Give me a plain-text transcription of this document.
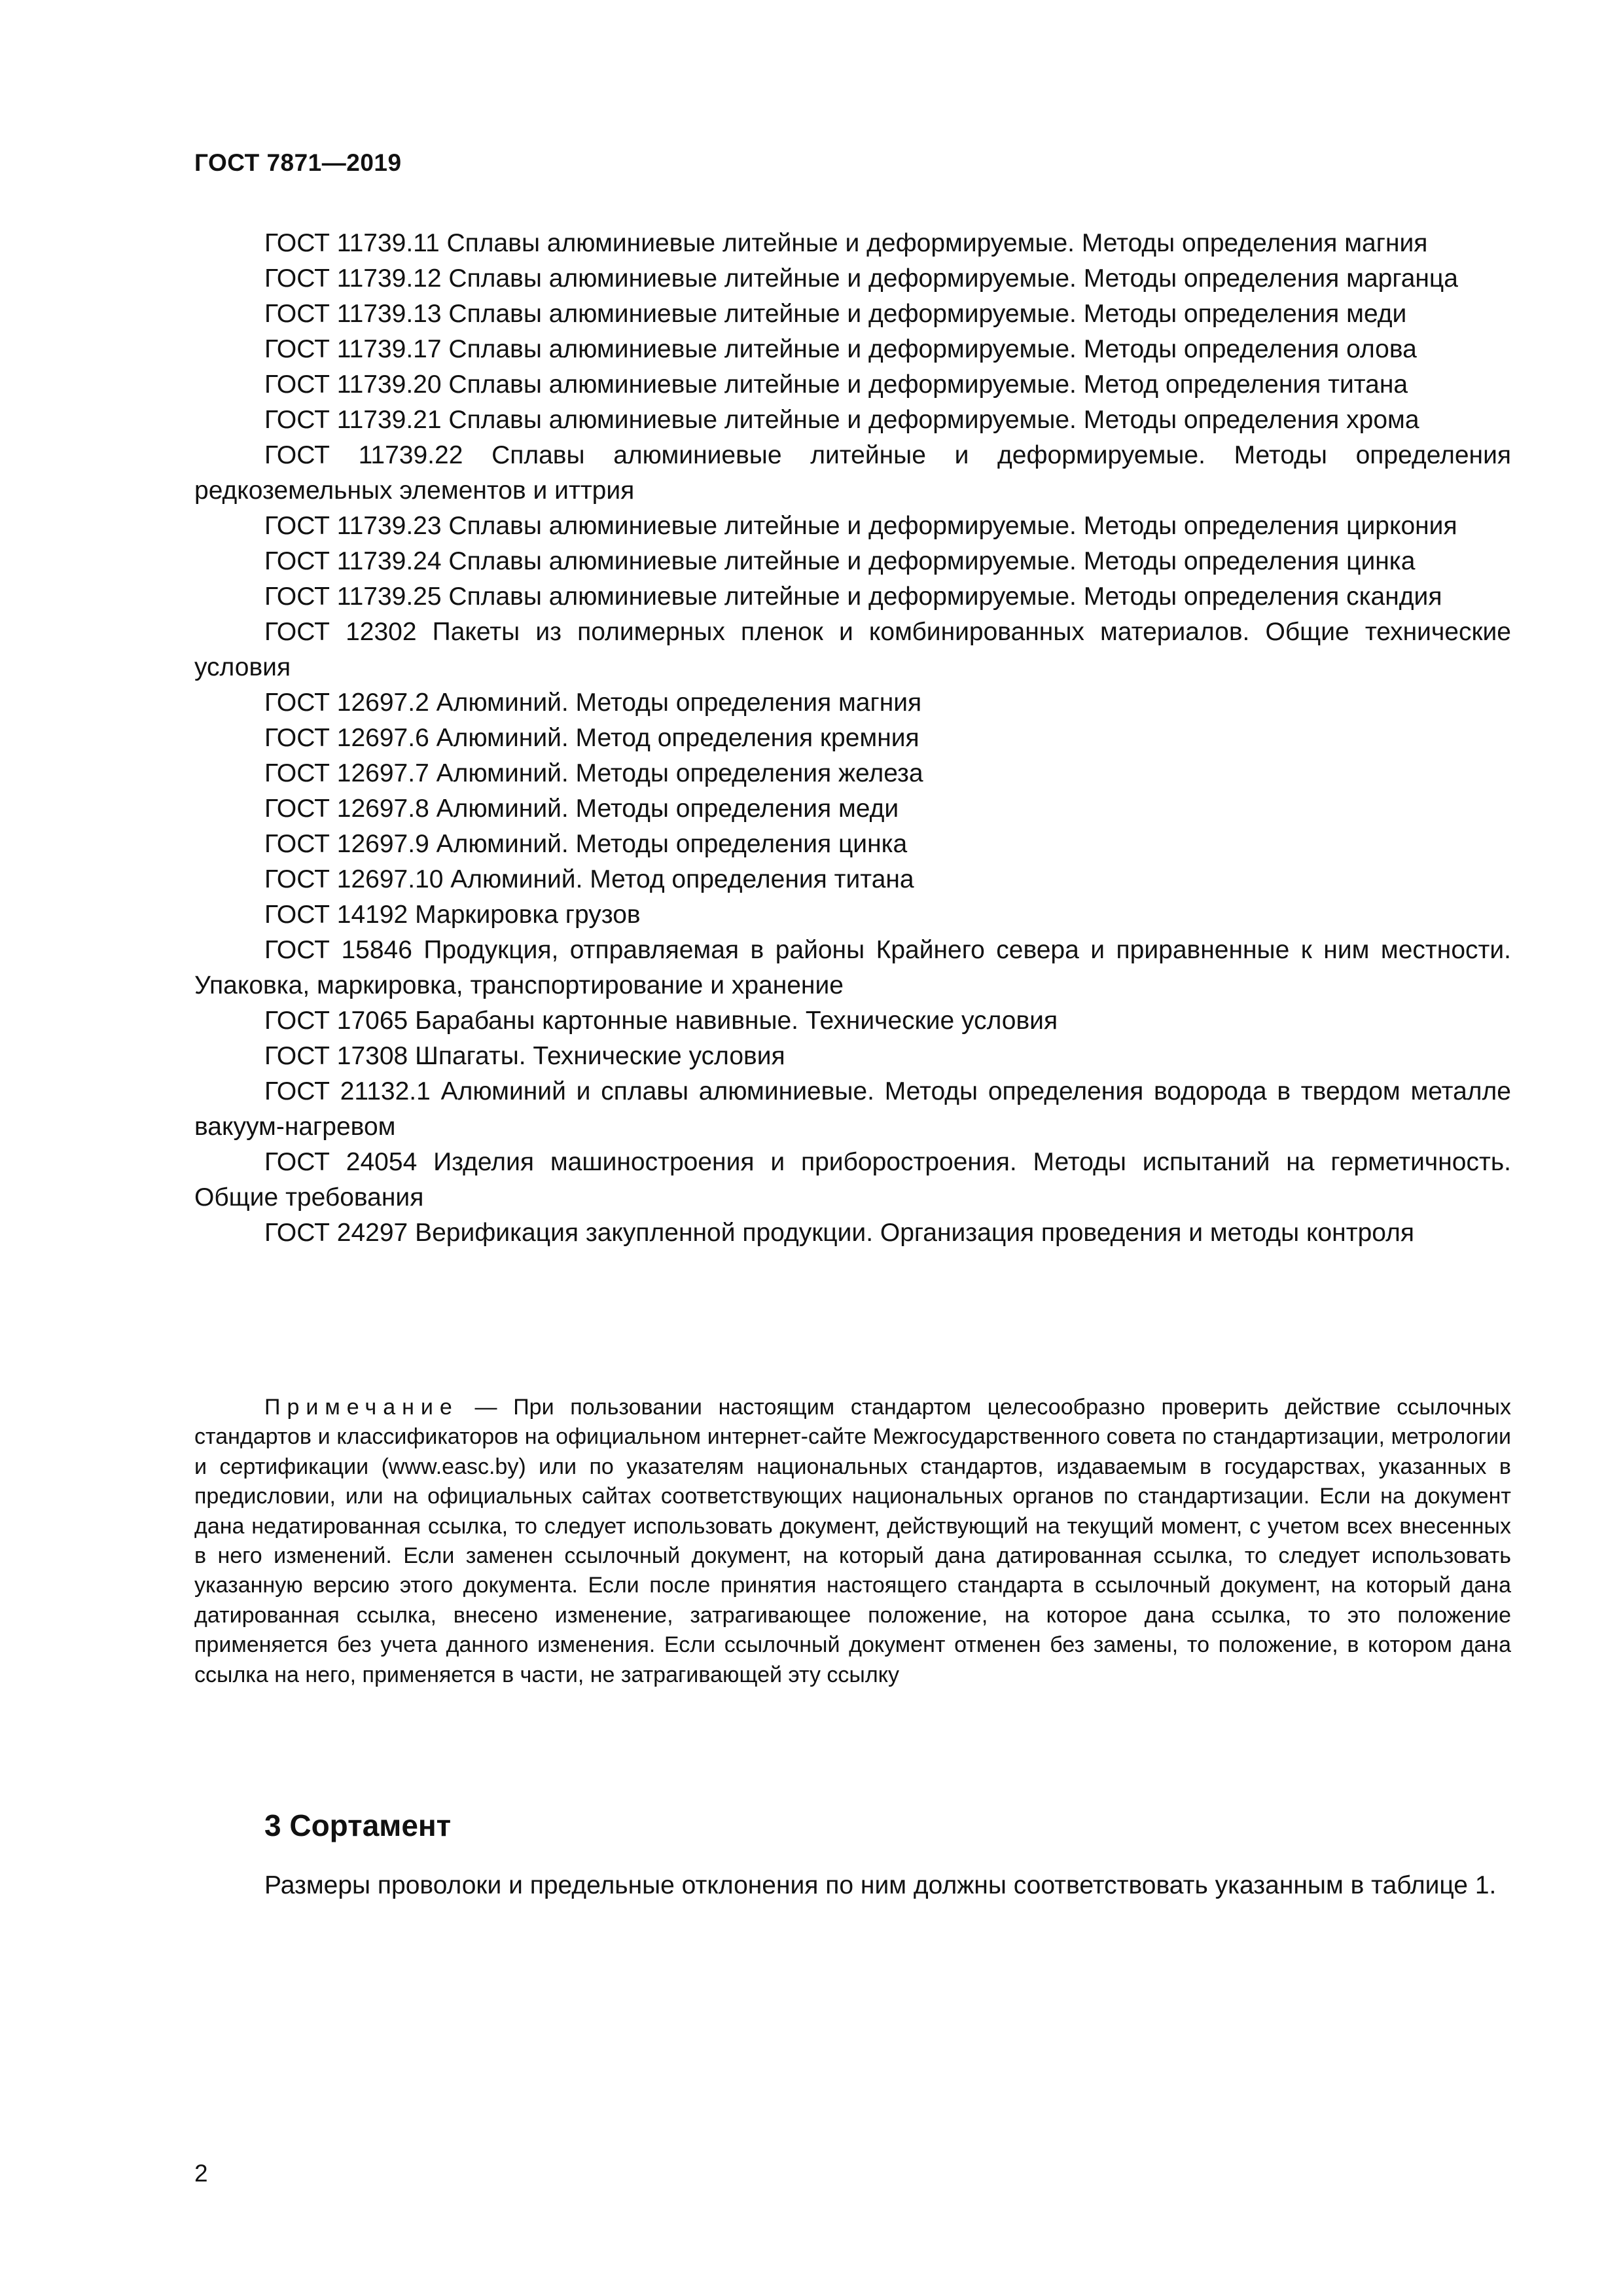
ГОСТ 7871—2019

ГОСТ 11739.11 Сплавы алюминиевые литейные и деформируемые. Методы определения магния

ГОСТ 11739.12 Сплавы алюминиевые литейные и деформируемые. Методы определения марганца

ГОСТ 11739.13 Сплавы алюминиевые литейные и деформируемые. Методы определения меди

ГОСТ 11739.17 Сплавы алюминиевые литейные и деформируемые. Методы определения олова

ГОСТ 11739.20 Сплавы алюминиевые литейные и деформируемые. Метод определения титана

ГОСТ 11739.21 Сплавы алюминиевые литейные и деформируемые. Методы определения хрома

ГОСТ 11739.22 Сплавы алюминиевые литейные и деформируемые. Методы определения редкоземельных элементов и иттрия

ГОСТ 11739.23 Сплавы алюминиевые литейные и деформируемые. Методы определения циркония

ГОСТ 11739.24 Сплавы алюминиевые литейные и деформируемые. Методы определения цинка

ГОСТ 11739.25 Сплавы алюминиевые литейные и деформируемые. Методы определения скандия

ГОСТ 12302 Пакеты из полимерных пленок и комбинированных материалов. Общие технические условия

ГОСТ 12697.2 Алюминий. Методы определения магния

ГОСТ 12697.6 Алюминий. Метод определения кремния

ГОСТ 12697.7 Алюминий. Методы определения железа

ГОСТ 12697.8 Алюминий. Методы определения меди

ГОСТ 12697.9 Алюминий. Методы определения цинка

ГОСТ 12697.10 Алюминий. Метод определения титана

ГОСТ 14192 Маркировка грузов

ГОСТ 15846 Продукция, отправляемая в районы Крайнего севера и приравненные к ним местности. Упаковка, маркировка, транспортирование и хранение

ГОСТ 17065 Барабаны картонные навивные. Технические условия

ГОСТ 17308 Шпагаты. Технические условия

ГОСТ 21132.1 Алюминий и сплавы алюминиевые. Методы определения водорода в твердом металле вакуум-нагревом

ГОСТ 24054 Изделия машиностроения и приборостроения. Методы испытаний на герметичность. Общие требования

ГОСТ 24297 Верификация закупленной продукции. Организация проведения и методы контроля

Примечание — При пользовании настоящим стандартом целесообразно проверить действие ссылочных стандартов и классификаторов на официальном интернет-сайте Межгосударственного совета по стандартизации, метрологии и сертификации (www.easc.by) или по указателям национальных стандартов, издаваемым в государствах, указанных в предисловии, или на официальных сайтах соответствующих национальных органов по стандартизации. Если на документ дана недатированная ссылка, то следует использовать документ, действующий на текущий момент, с учетом всех внесенных в него изменений. Если заменен ссылочный документ, на который дана датированная ссылка, то следует использовать указанную версию этого документа. Если после принятия настоящего стандарта в ссылочный документ, на который дана датированная ссылка, внесено изменение, затрагивающее положение, на которое дана ссылка, то это положение применяется без учета данного изменения. Если ссылочный документ отменен без замены, то положение, в котором дана ссылка на него, применяется в части, не затрагивающей эту ссылку

3 Сортамент

Размеры проволоки и предельные отклонения по ним должны соответствовать указанным в таблице 1.

2
